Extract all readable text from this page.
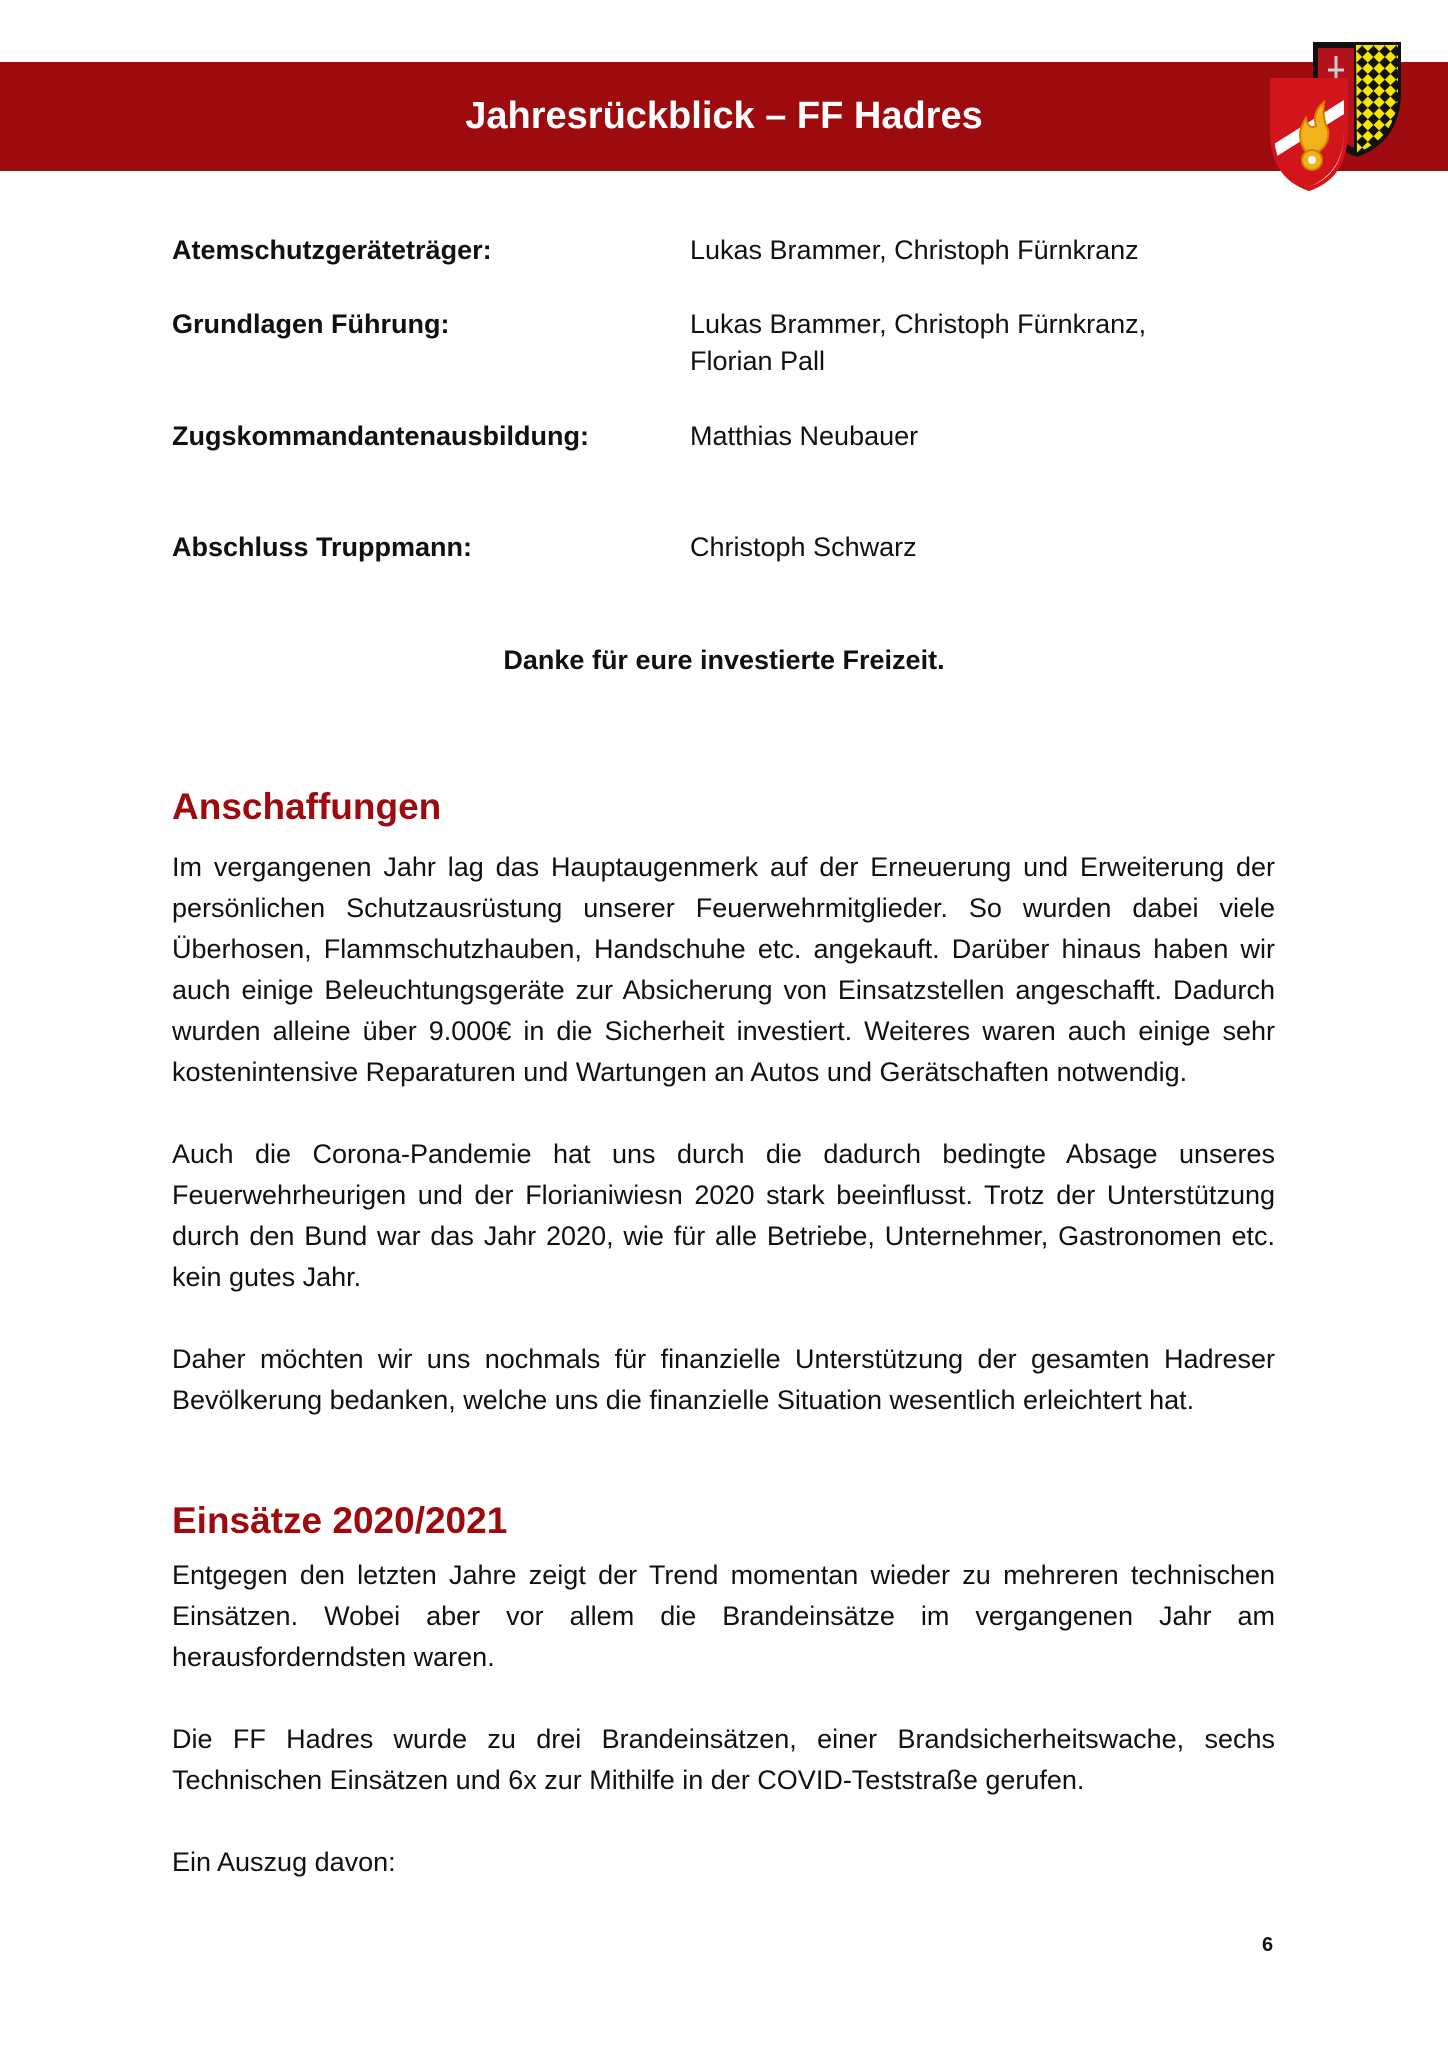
Jahresrückblick – FF Hadres
Atemschutzgeräteträger:	Lukas Brammer, Christoph Fürnkranz
Grundlagen Führung:	Lukas Brammer, Christoph Fürnkranz,
Florian Pall
Zugskommandantenausbildung:	Matthias Neubauer
Abschluss Truppmann:	Christoph Schwarz

Danke für eure investierte Freizeit.

Anschaffungen

Im vergangenen Jahr lag das Hauptaugenmerk auf der Erneuerung und Erweiterung der persönlichen Schutzausrüstung unserer Feuerwehrmitglieder. So wurden dabei viele Überhosen, Flammschutzhauben, Handschuhe etc. angekauft. Darüber hinaus haben wir auch einige Beleuchtungsgeräte zur Absicherung von Einsatzstellen angeschafft. Dadurch wurden alleine über 9.000€ in die Sicherheit investiert. Weiteres waren auch einige sehr kostenintensive Reparaturen und Wartungen an Autos und Gerätschaften notwendig.

Auch die Corona-Pandemie hat uns durch die dadurch bedingte Absage unseres Feuerwehrheurigen und der Florianiwiesn 2020 stark beeinflusst. Trotz der Unterstützung durch den Bund war das Jahr 2020, wie für alle Betriebe, Unternehmer, Gastronomen etc. kein gutes Jahr.

Daher möchten wir uns nochmals für finanzielle Unterstützung der gesamten Hadreser Bevölkerung bedanken, welche uns die finanzielle Situation wesentlich erleichtert hat.

Einsätze 2020/2021

Entgegen den letzten Jahre zeigt der Trend momentan wieder zu mehreren technischen Einsätzen. Wobei aber vor allem die Brandeinsätze im vergangenen Jahr am herausforderndsten waren.

Die FF Hadres wurde zu drei Brandeinsätzen, einer Brandsicherheitswache, sechs Technischen Einsätzen und 6x zur Mithilfe in der COVID-Teststraße gerufen.

Ein Auszug davon:

6
